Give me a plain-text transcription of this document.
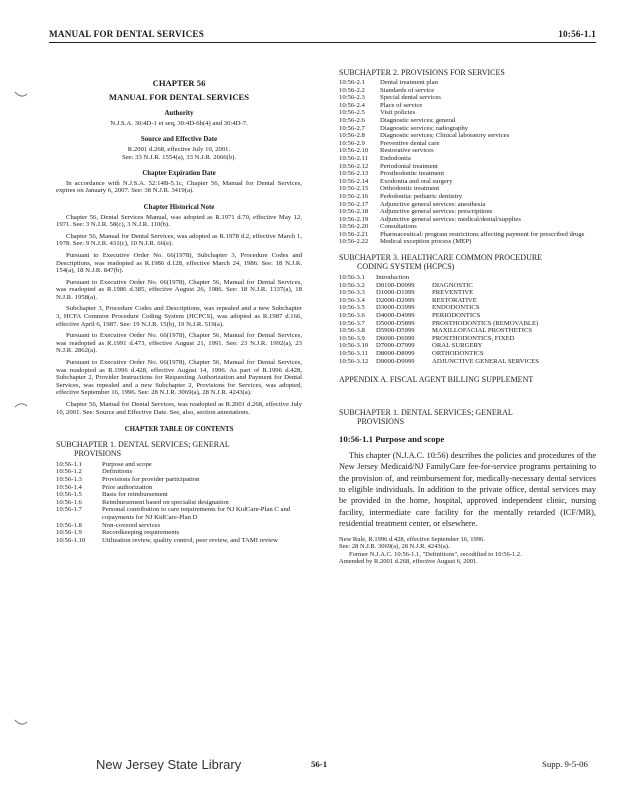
MANUAL FOR DENTAL SERVICES	10:56-1.1
CHAPTER 56
MANUAL FOR DENTAL SERVICES
Authority
N.J.S.A. 30:4D-1 et seq, 30:4D-6b(4) and 30:4D-7.
Source and Effective Date
R.2001 d.268, effective July 10, 2001.
See: 33 N.J.R. 1554(a), 33 N.J.R. 2666(b).
Chapter Expiration Date

In accordance with N.J.S.A. 52:14B-5.1c, Chapter 56, Manual for Dental Services, expires on January 6, 2007. See: 38 N.J.R. 3419(a).

Chapter Historical Note

Chapter 56, Dental Services Manual, was adopted as R.1971 d.70, effective May 12, 1971. See: 3 N.J.R. 58(c), 3 N.J.R. 110(b).

Chapter 56, Manual for Dental Services, was adopted as R.1978 d.2, effective March 1, 1978. See: 9 N.J.R. 431(c), 10 N.J.R. 66(e).

Pursuant to Executive Order No. 66(1978), Subchapter 3, Procedure Codes and Descriptions, was readopted as R.1986 d.128, effective March 24, 1986. See: 18 N.J.R. 154(a), 18 N.J.R. 847(b).

Pursuant to Executive Order No. 66(1978), Chapter 56, Manual for Dental Services, was readopted as R.1986 d.385, effective August 26, 1986. See: 18 N.J.R. 1337(a), 18 N.J.R. 1958(a).

Subchapter 3, Procedure Codes and Descriptions, was repealed and a new Subchapter 3, HCFA Common Procedure Coding System (HCPCS), was adopted as R.1987 d.166, effective April 6, 1987. See: 19 N.J.R. 15(b), 19 N.J.R. 519(a).

Pursuant to Executive Order No. 66(1978), Chapter 56, Manual for Dental Services, was readopted as R.1991 d.473, effective August 21, 1991. See: 23 N.J.R. 1992(a), 23 N.J.R. 2862(a).

Pursuant to Executive Order No. 66(1978), Chapter 56, Manual for Dental Services, was readopted as R.1996 d.428, effective August 14, 1996. As part of R.1996 d.428, Subchapter 2, Provider Instructions for Requesting Authorization and Payment for Dental Services, was repealed and a new Subchapter 2, Provisions for Services, was adopted, effective September 16, 1996. See: 28 N.J.R. 3069(a), 28 N.J.R. 4243(a).

Chapter 56, Manual for Dental Services, was readopted as R.2001 d.268, effective July 10, 2001. See: Source and Effective Date. See, also, section annotations.

CHAPTER TABLE OF CONTENTS
SUBCHAPTER 1. DENTAL SERVICES; GENERAL
PROVISIONS
10:56-1.1	Purpose and scope
10:56-1.2	Definitions
10:56-1.3	Provisions for provider participation
10:56-1.4	Prior authorization
10:56-1.5	Basis for reimbursement
10:56-1.6	Reimbursement based on specialist designation
10:56-1.7	Personal contribution to care requirements for NJ KidCare-Plan C and copayments for NJ KidCare-Plan D
10:56-1.8	Non-covered services
10:56-1.9	Recordkeeping requirements
10:56-1.10	Utilization review, quality control, peer review, and TAMI review
SUBCHAPTER 2. PROVISIONS FOR SERVICES
10:56-2.1	Dental treatment plan
10:56-2.2	Standards of service
10:56-2.3	Special dental services
10:56-2.4	Place of service
10:56-2.5	Visit policies
10:56-2.6	Diagnostic services; general
10:56-2.7	Diagnostic services; radiography
10:56-2.8	Diagnostic services; Clinical laboratory services
10:56-2.9	Preventive dental care
10:56-2.10	Restorative services
10:56-2.11	Endodontia
10:56-2.12	Periodontal treatment
10:56-2.13	Prosthodontic treatment
10:56-2.14	Exodontia and oral surgery
10:56-2.15	Orthodontic treatment
10:56-2.16	Pedodontia: pediatric dentistry
10:56-2.17	Adjunctive general services: anesthesia
10:56-2.18	Adjunctive general services: prescriptions
10:56-2.19	Adjunctive general services: medical/dental/supplies
10:56-2.20	Consultations
10:56-2.21	Pharmaceutical: program restrictions affecting payment for prescribed drugs
10:56-2.22	Medical exception process (MEP)
SUBCHAPTER 3. HEALTHCARE COMMON PROCEDURE
CODING SYSTEM (HCPCS)
10:56-3.1	Introduction
10:56-3.2	D0100-D0999	DIAGNOSTIC
10:56-3.3	D1000-D1999	PREVENTIVE
10:56-3.4	D2000-D2999	RESTORATIVE
10:56-3.5	D3000-D3999	ENDODONTICS
10:56-3.6	D4000-D4999	PERIODONTICS
10:56-3.7	D5000-D5899	PROSTHODONTICS (REMOVABLE)
10:56-3.8	D5900-D5999	MAXILLOFACIAL PROSTHETICS
10:56-3.9	D6000-D6999	PROSTHODONTICS, FIXED
10:56-3.10	D7000-D7999	ORAL SURGERY
10:56-3.11	D8000-D8999	ORTHODONTICS
10:56-3.12	D9000-D9999	ADJUNCTIVE GENERAL SERVICES
APPENDIX A. FISCAL AGENT BILLING SUPPLEMENT
SUBCHAPTER 1. DENTAL SERVICES; GENERAL
PROVISIONS
10:56-1.1 Purpose and scope

This chapter (N.J.A.C. 10:56) describes the policies and procedures of the New Jersey Medicaid/NJ FamilyCare fee-for-service programs pertaining to the provision of, and reimbursement for, medically-necessary dental services to eligible individuals. In addition to the private office, dental services may be provided in the home, hospital, approved independent clinic, nursing facility, intermediate care facility for the mentally retarded (ICF/MR), residential treatment center, or elsewhere.

New Rule, R.1996 d.428, effective September 16, 1996.
See: 28 N.J.R. 3069(a), 28 N.J.R. 4243(a).
Former N.J.A.C. 10:56-1.1, "Definitions", recodified to 10:56-1.2.
Amended by R.2001 d.268, effective August 6, 2001.
New Jersey State Library	56-1	Supp. 9-5-06
